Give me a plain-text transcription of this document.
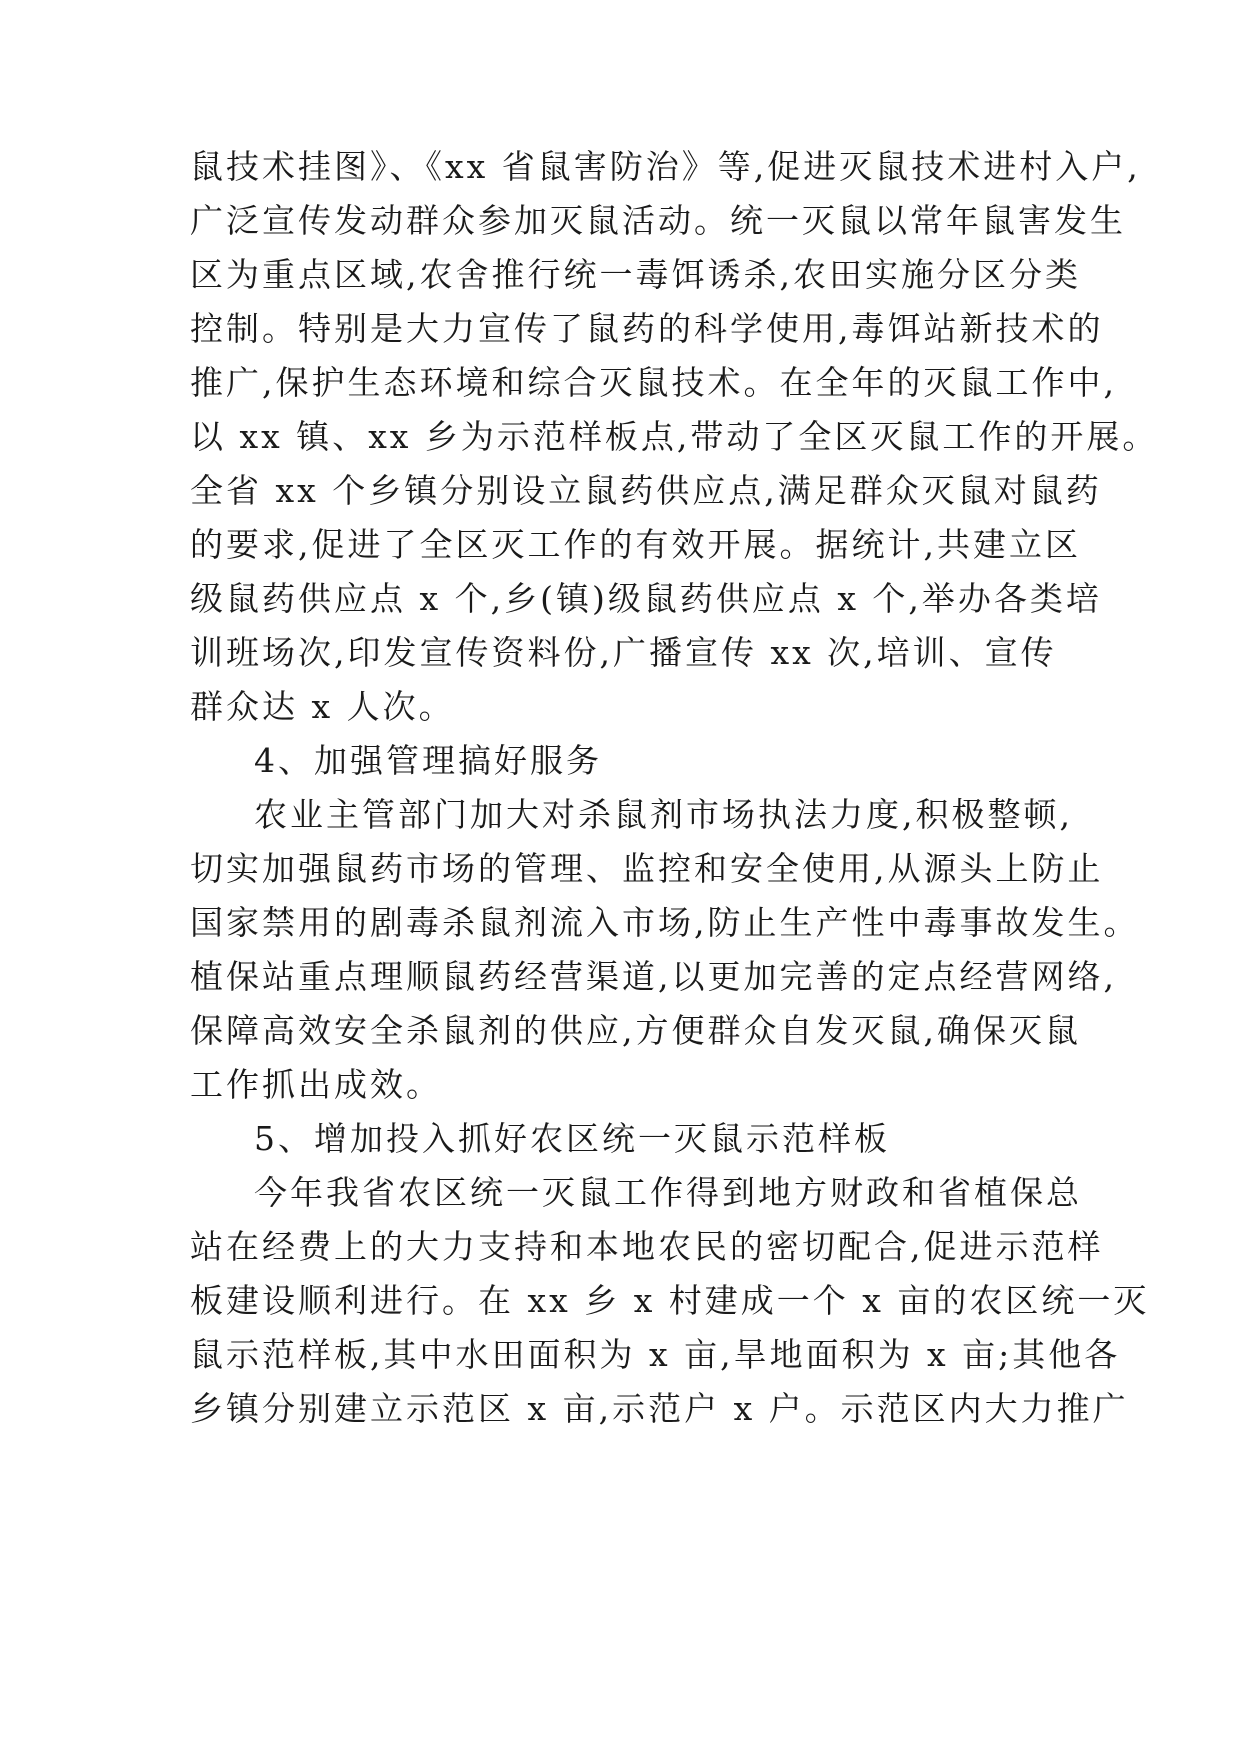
鼠技术挂图》、《xx 省鼠害防治》等,促进灭鼠技术进村入户,
广泛宣传发动群众参加灭鼠活动。统一灭鼠以常年鼠害发生
区为重点区域,农舍推行统一毒饵诱杀,农田实施分区分类
控制。特别是大力宣传了鼠药的科学使用,毒饵站新技术的
推广,保护生态环境和综合灭鼠技术。在全年的灭鼠工作中,
以 xx 镇、xx 乡为示范样板点,带动了全区灭鼠工作的开展。
全省 xx 个乡镇分别设立鼠药供应点,满足群众灭鼠对鼠药
的要求,促进了全区灭工作的有效开展。据统计,共建立区
级鼠药供应点 x 个,乡(镇)级鼠药供应点 x 个,举办各类培
训班场次,印发宣传资料份,广播宣传 xx 次,培训、宣传
群众达 x 人次。
4、加强管理搞好服务
农业主管部门加大对杀鼠剂市场执法力度,积极整顿,
切实加强鼠药市场的管理、监控和安全使用,从源头上防止
国家禁用的剧毒杀鼠剂流入市场,防止生产性中毒事故发生。
植保站重点理顺鼠药经营渠道,以更加完善的定点经营网络,
保障高效安全杀鼠剂的供应,方便群众自发灭鼠,确保灭鼠
工作抓出成效。
5、增加投入抓好农区统一灭鼠示范样板
今年我省农区统一灭鼠工作得到地方财政和省植保总
站在经费上的大力支持和本地农民的密切配合,促进示范样
板建设顺利进行。在 xx 乡 x 村建成一个 x 亩的农区统一灭
鼠示范样板,其中水田面积为 x 亩,旱地面积为 x 亩;其他各
乡镇分别建立示范区 x 亩,示范户 x 户。示范区内大力推广
